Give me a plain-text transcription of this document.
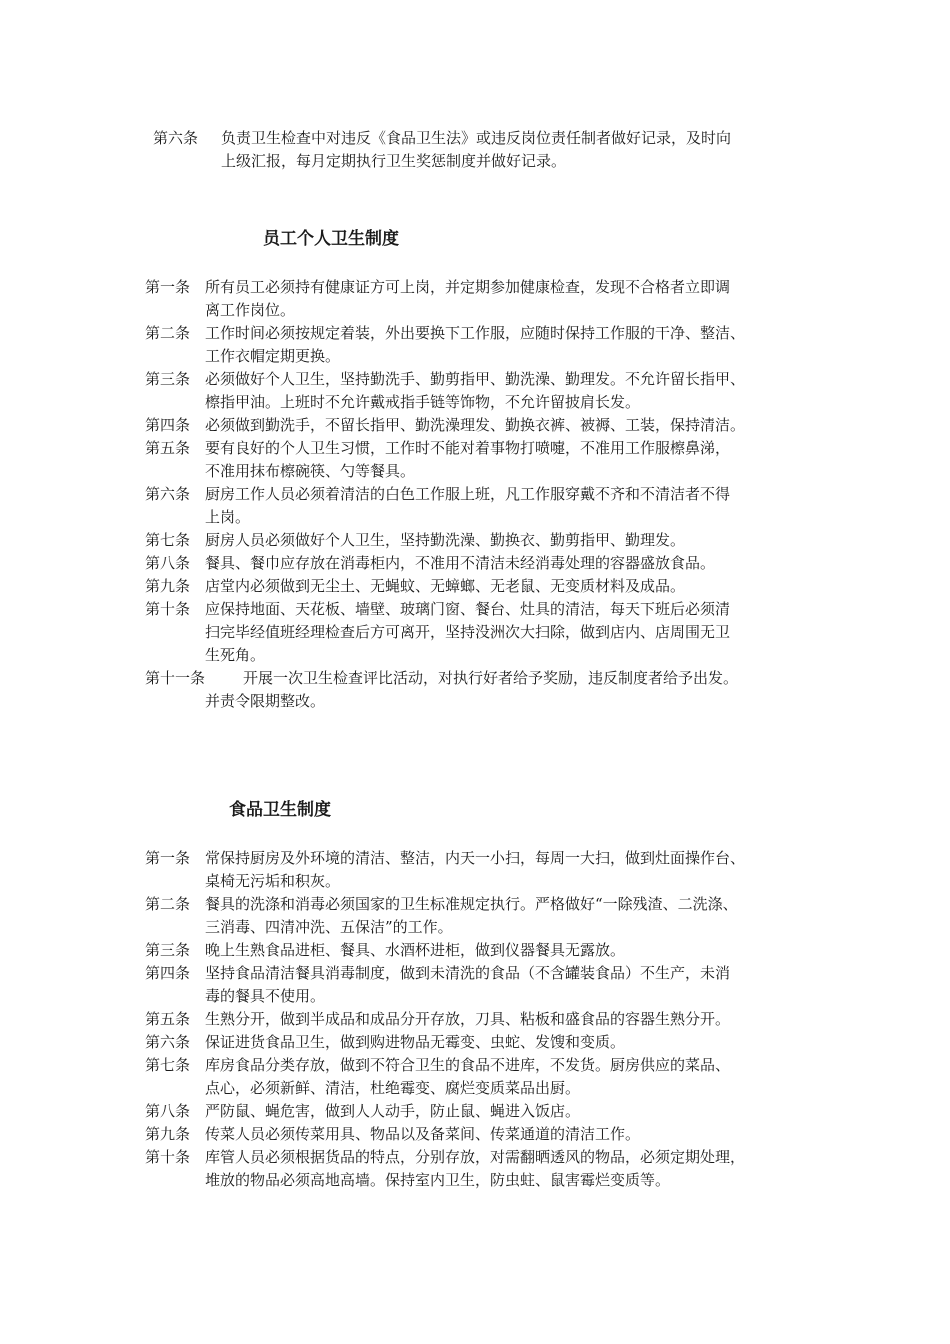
第六条 负责卫生检查中对违反《食品卫生法》或违反岗位责任制者做好记录，及时向
上级汇报，每月定期执行卫生奖惩制度并做好记录。
员工个人卫生制度
第一条 所有员工必须持有健康证方可上岗，并定期参加健康检查，发现不合格者立即调
离工作岗位。
第二条 工作时间必须按规定着装，外出要换下工作服，应随时保持工作服的干净、整洁、
工作衣帽定期更换。
第三条 必须做好个人卫生，坚持勤洗手、勤剪指甲、勤洗澡、勤理发。不允许留长指甲、
檫指甲油。上班时不允许戴戒指手链等饰物，不允许留披肩长发。
第四条 必须做到勤洗手，不留长指甲、勤洗澡理发、勤换衣裤、被褥、工装，保持清洁。
第五条 要有良好的个人卫生习惯，工作时不能对着事物打喷嚏，不准用工作服檫鼻涕，
不准用抹布檫碗筷、勺等餐具。
第六条 厨房工作人员必须着清洁的白色工作服上班，凡工作服穿戴不齐和不清洁者不得
上岗。
第七条 厨房人员必须做好个人卫生，坚持勤洗澡、勤换衣、勤剪指甲、勤理发。
第八条 餐具、餐巾应存放在消毒柜内，不准用不清洁未经消毒处理的容器盛放食品。
第九条 店堂内必须做到无尘土、无蝇蚊、无蟑螂、无老鼠、无变质材料及成品。
第十条 应保持地面、天花板、墙壁、玻璃门窗、餐台、灶具的清洁，每天下班后必须清
扫完毕经值班经理检查后方可离开，坚持没洲次大扫除，做到店内、店周围无卫
生死角。
第十一条	开展一次卫生检查评比活动，对执行好者给予奖励，违反制度者给予出发。
并责令限期整改。
食品卫生制度
第一条 常保持厨房及外环境的清洁、整洁，内天一小扫，每周一大扫，做到灶面操作台、
桌椅无污垢和积灰。
第二条 餐具的洗涤和消毒必须国家的卫生标准规定执行。严格做好“一除残渣、二洗涤、
三消毒、四清冲洗、五保洁”的工作。
第三条 晚上生熟食品进柜、餐具、水酒杯进柜，做到仪器餐具无露放。
第四条 坚持食品清洁餐具消毒制度，做到未清洗的食品（不含罐装食品）不生产，未消
毒的餐具不使用。
第五条 生熟分开，做到半成品和成品分开存放，刀具、粘板和盛食品的容器生熟分开。
第六条 保证进货食品卫生，做到购进物品无霉变、虫蛇、发馊和变质。
第七条 库房食品分类存放，做到不符合卫生的食品不进库，不发货。厨房供应的菜品、
点心，必须新鲜、清洁，杜绝霉变、腐烂变质菜品出厨。
第八条 严防鼠、蝇危害，做到人人动手，防止鼠、蝇进入饭店。
第九条 传菜人员必须传菜用具、物品以及备菜间、传菜通道的清洁工作。
第十条 库管人员必须根据货品的特点，分别存放，对需翻晒透风的物品，必须定期处理，
堆放的物品必须高地高墙。保持室内卫生，防虫蛀、鼠害霉烂变质等。
